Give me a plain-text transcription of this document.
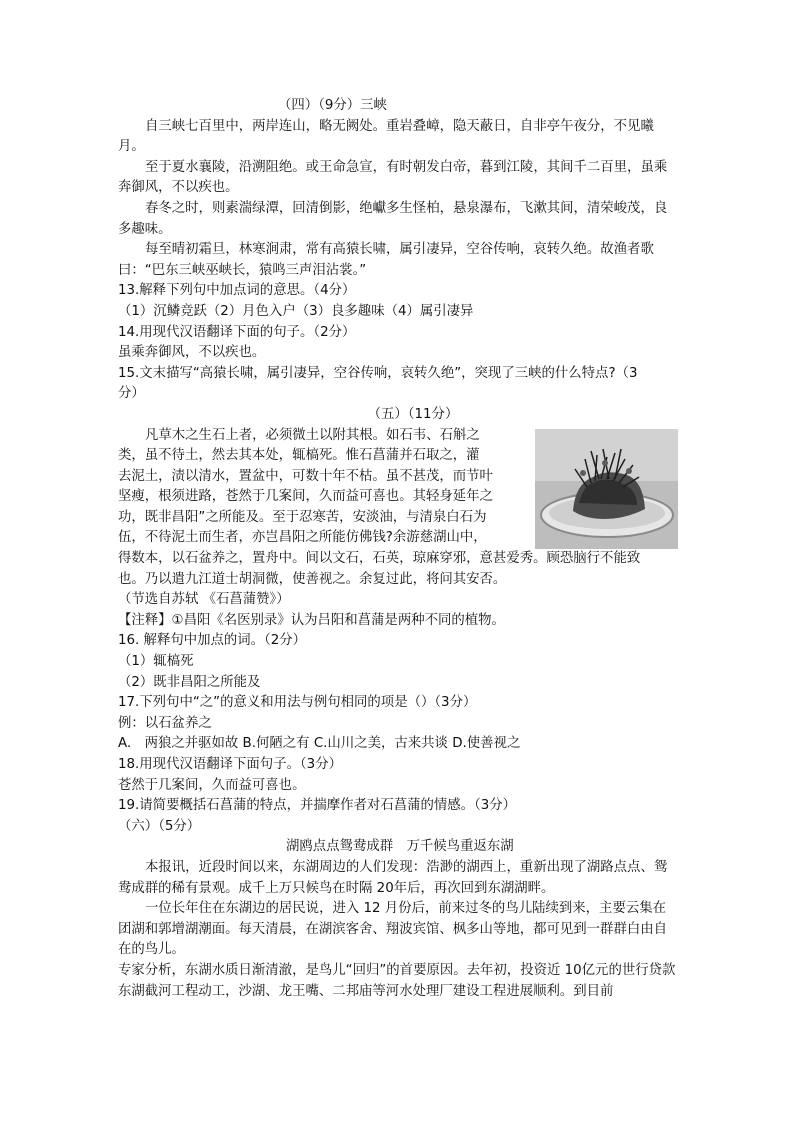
（四）（9分）三峡
自三峡七百里中，两岸连山，略无阙处。重岩叠嶂，隐天蔽日，自非亭午夜分，不见曦月。
至于夏水襄陵，沿溯阻绝。或王命急宣，有时朝发白帝，暮到江陵，其间千二百里，虽乘奔御风，不以疾也。
春冬之时，则素湍绿潭，回清倒影，绝巘多生怪柏，悬泉瀑布，飞漱其间，清荣峻茂，良多趣味。
每至晴初霜旦，林寒涧肃，常有高猿长啸，属引凄异，空谷传响，哀转久绝。故渔者歌曰：“巴东三峡巫峡长，猿鸣三声泪沾裳。”
13.解释下列句中加点词的意思。（4分）
（1）沉鳞竞跃（2）月色入户（3）良多趣味（4）属引凄异
14.用现代汉语翻译下面的句子。（2分）
虽乘奔御风，不以疾也。
15.文末描写“高猿长啸，属引凄异，空谷传响，哀转久绝”，突现了三峡的什么特点?（3
分）
（五）（11分）
凡草木之生石上者，必须微土以附其根。如石韦、石斛之
类，虽不待土，然去其本处，辄槁死。惟石菖蒲并石取之，灌
去泥土，渍以清水，置盆中，可数十年不枯。虽不甚茂，而节叶
坚瘦，根须进路，苍然于几案间，久而益可喜也。其轻身延年之
功，既非昌阳”之所能及。至于忍寒苦，安淡油，与清泉白石为
伍，不待泥土而生者，亦岂昌阳之所能仿佛钱?余游慈湖山中，
得数本，以石盆养之，置舟中。间以文石，石英，琼麻穿邪，意甚爱秀。顾恐脑行不能致
也。乃以遣九江道士胡洞微，使善视之。余复过此，将问其安否。
（节选自苏轼 《石菖蒲赞》）
【注释】①昌阳《名医别录》认为吕阳和菖蒲是两种不同的植物。
16. 解释句中加点的词。（2分）
（1）辄槁死
（2）既非昌阳之所能及
17.下列句中“之”的意义和用法与例句相同的项是（）（3分）
例：以石盆养之
A.　两狼之并驱如故 B.何陋之有 C.山川之美，古来共谈 D.使善视之
18.用现代汉语翻译下面句子。（3分）
苍然于几案间，久而益可喜也。
19.请简要概括石菖蒲的特点，并揣摩作者对石菖蒲的情感。（3分）
（六）（5分）
湖鸥点点鸳鸯成群　万千候鸟重返东湖
本报讯，近段时间以来，东湖周边的人们发现：浩渺的湖西上，重新出现了湖路点点、鸳鸯成群的稀有景观。成千上万只候鸟在时隔 20年后，再次回到东湖湖畔。
一位长年住在东湖边的居民说，进入 12 月份后，前来过冬的鸟儿陆续到来，主要云集在团湖和郭增湖潮面。每天清晨，在湖滨客舍、翔波宾馆、枫多山等地，都可见到一群群白由自在的鸟儿。
专家分析，东湖水质日渐清澈，是鸟儿“回归”的首要原因。去年初，投资近 10亿元的世行贷款东湖截河工程动工，沙湖、龙王嘴、二邦庙等河水处理厂建设工程进展顺利。到目前
